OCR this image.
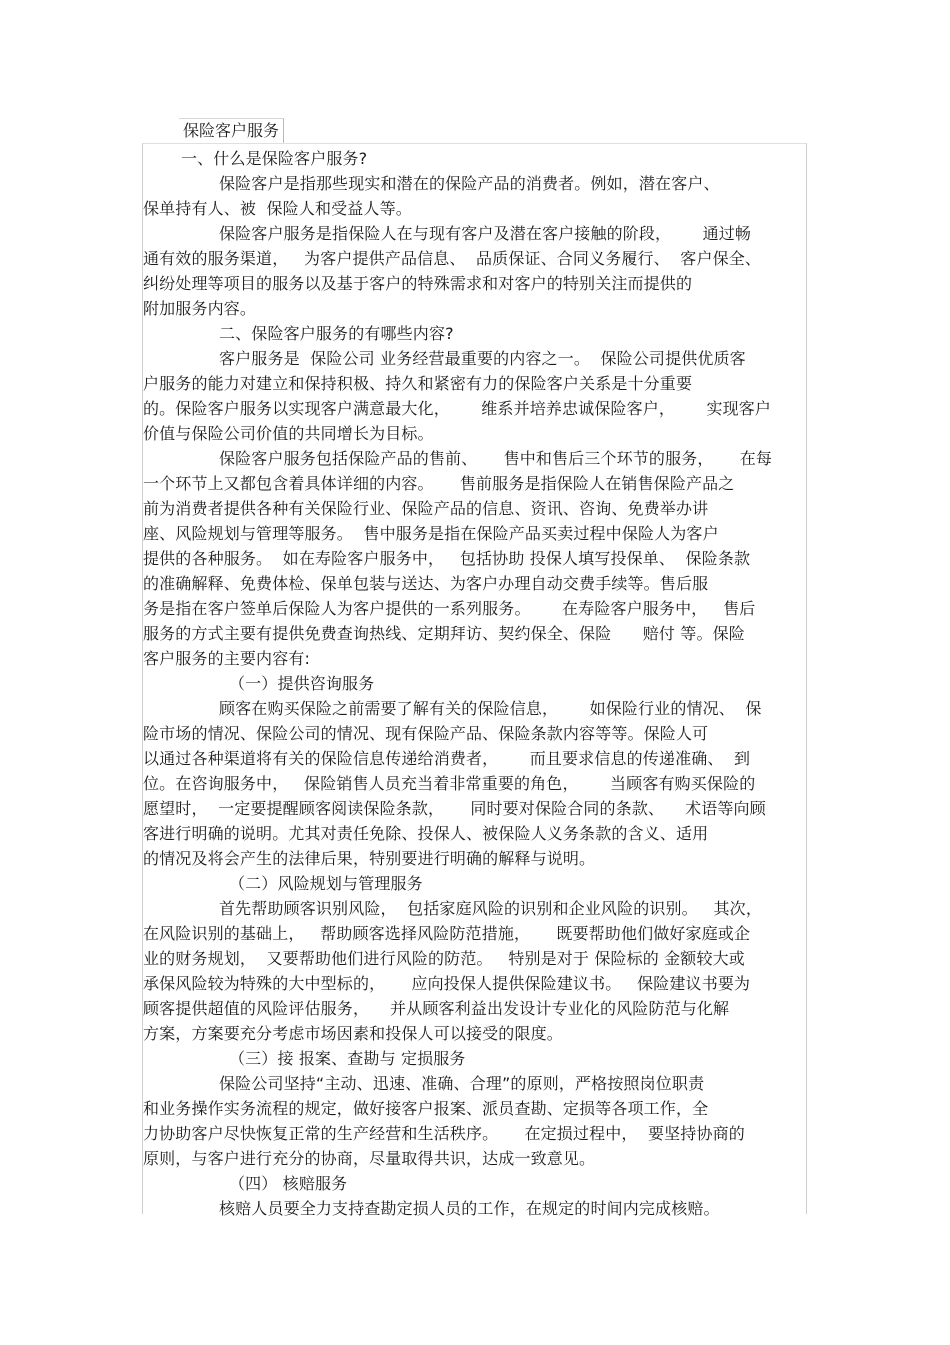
保险客户服务
一、什么是保险客户服务?
保险客户是指那些现实和潜在的保险产品的消费者。例如，潜在客户、
保单持有人、被  保险人和受益人等。
保险客户服务是指保险人在与现有客户及潜在客户接触的阶段，      通过畅
通有效的服务渠道，   为客户提供产品信息、  品质保证、合同义务履行、  客户保全、
纠纷处理等项目的服务以及基于客户的特殊需求和对客户的特别关注而提供的
附加服务内容。
二、保险客户服务的有哪些内容?
客户服务是  保险公司 业务经营最重要的内容之一。  保险公司提供优质客
户服务的能力对建立和保持积极、持久和紧密有力的保险客户关系是十分重要
的。保险客户服务以实现客户满意最大化，      维系并培养忠诚保险客户，      实现客户
价值与保险公司价值的共同增长为目标。
保险客户服务包括保险产品的售前、     售中和售后三个环节的服务，     在每
一个环节上又都包含着具体详细的内容。     售前服务是指保险人在销售保险产品之
前为消费者提供各种有关保险行业、保险产品的信息、资讯、咨询、免费举办讲
座、风险规划与管理等服务。  售中服务是指在保险产品买卖过程中保险人为客户
提供的各种服务。  如在寿险客户服务中，   包括协助 投保人填写投保单、  保险条款
的准确解释、免费体检、保单包装与送达、为客户办理自动交费手续等。售后服
务是指在客户签单后保险人为客户提供的一系列服务。      在寿险客户服务中，   售后
服务的方式主要有提供免费查询热线、定期拜访、契约保全、保险      赔付 等。保险
客户服务的主要内容有:
（一）提供咨询服务
顾客在购买保险之前需要了解有关的保险信息，      如保险行业的情况、  保
险市场的情况、保险公司的情况、现有保险产品、保险条款内容等等。保险人可
以通过各种渠道将有关的保险信息传递给消费者，      而且要求信息的传递准确、  到
位。在咨询服务中，   保险销售人员充当着非常重要的角色，      当顾客有购买保险的
愿望时，  一定要提醒顾客阅读保险条款，     同时要对保险合同的条款、    术语等向顾
客进行明确的说明。尤其对责任免除、投保人、被保险人义务条款的含义、适用
的情况及将会产生的法律后果，特别要进行明确的解释与说明。
（二）风险规划与管理服务
首先帮助顾客识别风险，  包括家庭风险的识别和企业风险的识别。   其次，
在风险识别的基础上，   帮助顾客选择风险防范措施，     既要帮助他们做好家庭或企
业的财务规划，  又要帮助他们进行风险的防范。   特别是对于 保险标的 金额较大或
承保风险较为特殊的大中型标的，     应向投保人提供保险建议书。   保险建议书要为
顾客提供超值的风险评估服务，    并从顾客利益出发设计专业化的风险防范与化解
方案，方案要充分考虑市场因素和投保人可以接受的限度。
（三）接 报案、查勘与 定损服务
保险公司坚持“主动、迅速、准确、合理”的原则，严格按照岗位职责
和业务操作实务流程的规定，做好接客户报案、派员查勘、定损等各项工作，全
力协助客户尽快恢复正常的生产经营和生活秩序。     在定损过程中，  要坚持协商的
原则，与客户进行充分的协商，尽量取得共识，达成一致意见。
（四） 核赔服务
核赔人员要全力支持查勘定损人员的工作，在规定的时间内完成核赔。
